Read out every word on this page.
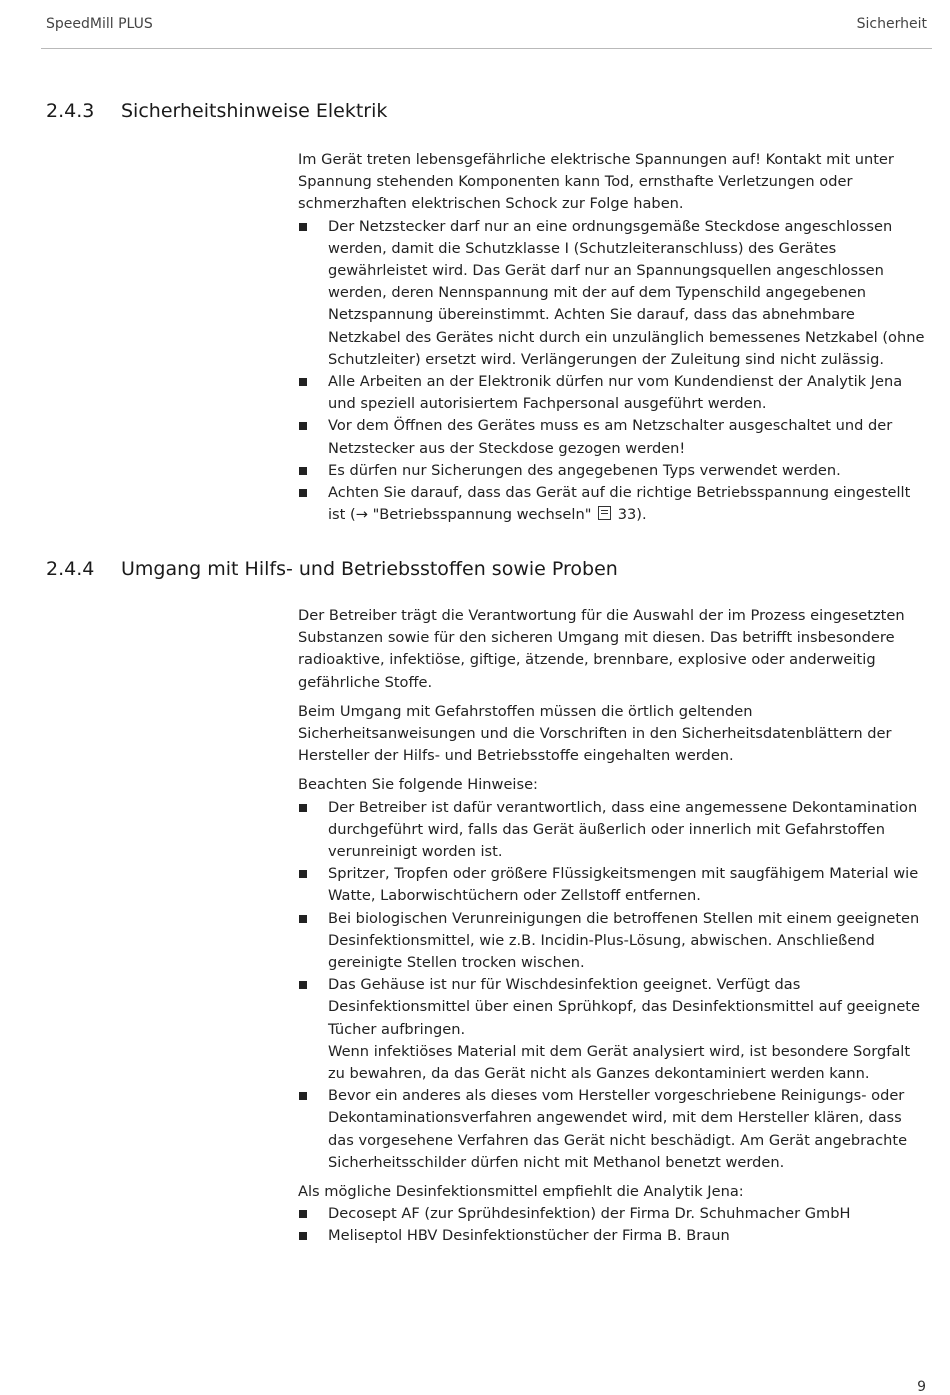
SpeedMill PLUS	Sicherheit
2.4.3 Sicherheitshinweise Elektrik

Im Gerät treten lebensgefährliche elektrische Spannungen auf! Kontakt mit unter Spannung stehenden Komponenten kann Tod, ernsthafte Verletzungen oder schmerzhaften elektrischen Schock zur Folge haben.

Der Netzstecker darf nur an eine ordnungsgemäße Steckdose angeschlossen werden, damit die Schutzklasse I (Schutzleiteranschluss) des Gerätes gewährleistet wird. Das Gerät darf nur an Spannungsquellen angeschlossen werden, deren Nennspannung mit der auf dem Typenschild angegebenen Netzspannung übereinstimmt. Achten Sie darauf, dass das abnehmbare Netzkabel des Gerätes nicht durch ein unzulänglich bemessenes Netzkabel (ohne Schutzleiter) ersetzt wird. Verlängerungen der Zuleitung sind nicht zulässig.
Alle Arbeiten an der Elektronik dürfen nur vom Kundendienst der Analytik Jena und speziell autorisiertem Fachpersonal ausgeführt werden.
Vor dem Öffnen des Gerätes muss es am Netzschalter ausgeschaltet und der Netzstecker aus der Steckdose gezogen werden!
Es dürfen nur Sicherungen des angegebenen Typs verwendet werden.
Achten Sie darauf, dass das Gerät auf die richtige Betriebsspannung eingestellt ist (→ "Betriebsspannung wechseln" 33).
2.4.4 Umgang mit Hilfs- und Betriebsstoffen sowie Proben

Der Betreiber trägt die Verantwortung für die Auswahl der im Prozess eingesetzten Substanzen sowie für den sicheren Umgang mit diesen. Das betrifft insbesondere radioaktive, infektiöse, giftige, ätzende, brennbare, explosive oder anderweitig gefährliche Stoffe.

Beim Umgang mit Gefahrstoffen müssen die örtlich geltenden Sicherheitsanweisungen und die Vorschriften in den Sicherheitsdatenblättern der Hersteller der Hilfs- und Betriebsstoffe eingehalten werden.

Beachten Sie folgende Hinweise:

Der Betreiber ist dafür verantwortlich, dass eine angemessene Dekontamination durchgeführt wird, falls das Gerät äußerlich oder innerlich mit Gefahrstoffen verunreinigt worden ist.
Spritzer, Tropfen oder größere Flüssigkeitsmengen mit saugfähigem Material wie Watte, Laborwischtüchern oder Zellstoff entfernen.
Bei biologischen Verunreinigungen die betroffenen Stellen mit einem geeigneten Desinfektionsmittel, wie z.B. Incidin-Plus-Lösung, abwischen. Anschließend gereinigte Stellen trocken wischen.
Das Gehäuse ist nur für Wischdesinfektion geeignet. Verfügt das Desinfektionsmittel über einen Sprühkopf, das Desinfektionsmittel auf geeignete Tücher aufbringen.
Wenn infektiöses Material mit dem Gerät analysiert wird, ist besondere Sorgfalt zu bewahren, da das Gerät nicht als Ganzes dekontaminiert werden kann.
Bevor ein anderes als dieses vom Hersteller vorgeschriebene Reinigungs- oder Dekontaminationsverfahren angewendet wird, mit dem Hersteller klären, dass das vorgesehene Verfahren das Gerät nicht beschädigt. Am Gerät angebrachte Sicherheitsschilder dürfen nicht mit Methanol benetzt werden.

Als mögliche Desinfektionsmittel empfiehlt die Analytik Jena:

Decosept AF (zur Sprühdesinfektion) der Firma Dr. Schuhmacher GmbH
Meliseptol HBV Desinfektionstücher der Firma B. Braun
9
